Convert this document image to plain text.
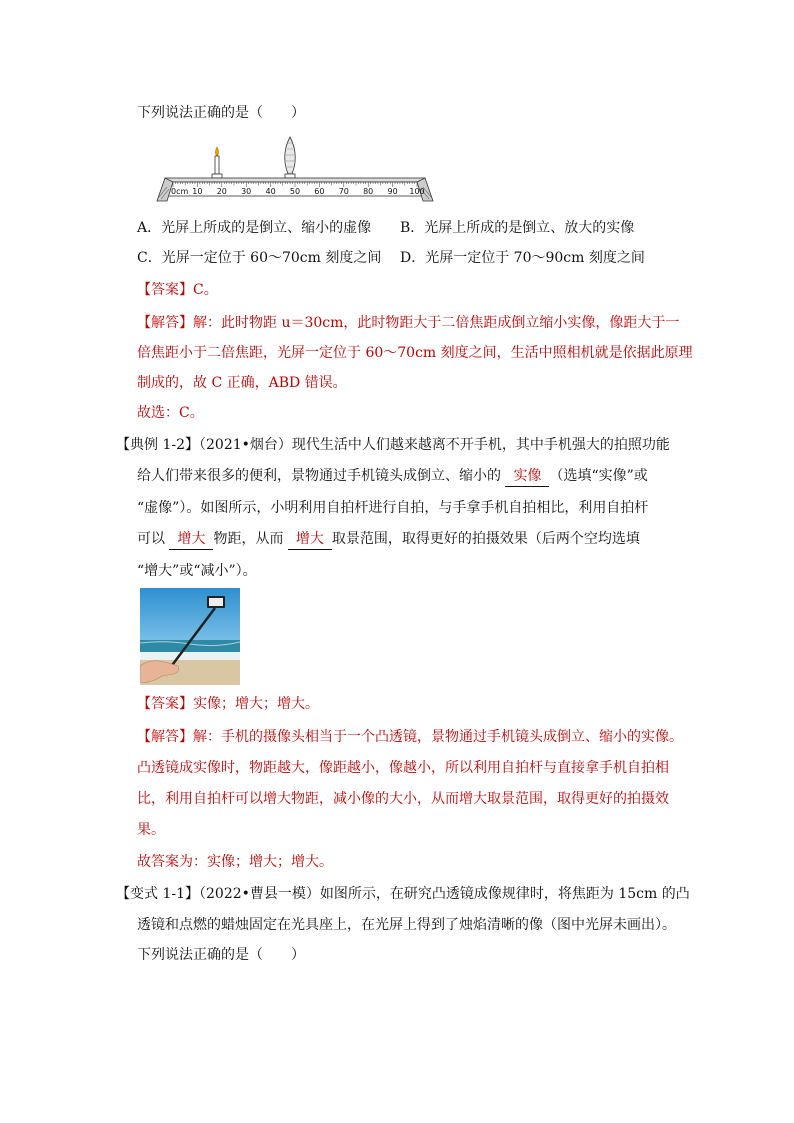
下列说法正确的是（　　）
0cm 10 20 30 40 50 60 70 80 90 100
A．光屏上所成的是倒立、缩小的虚像 B．光屏上所成的是倒立、放大的实像
C．光屏一定位于 60～70cm 刻度之间 D．光屏一定位于 70～90cm 刻度之间
【答案】C。
【解答】解：此时物距 u＝30cm，此时物距大于二倍焦距成倒立缩小实像，像距大于一
倍焦距小于二倍焦距，光屏一定位于 60～70cm 刻度之间，生活中照相机就是依据此原理
制成的，故 C 正确，ABD 错误。
故选：C。
【典例 1-2】（2021•烟台）现代生活中人们越来越离不开手机，其中手机强大的拍照功能
给人们带来很多的便利，景物通过手机镜头成倒立、缩小的 实像 （选填“实像”或
“虚像”）。如图所示，小明利用自拍杆进行自拍，与手拿手机自拍相比，利用自拍杆
可以 增大 物距，从而 增大 取景范围，取得更好的拍摄效果（后两个空均选填
“增大”或“减小”）。
【答案】实像；增大；增大。
【解答】解：手机的摄像头相当于一个凸透镜，景物通过手机镜头成倒立、缩小的实像。
凸透镜成实像时，物距越大，像距越小，像越小，所以利用自拍杆与直接拿手机自拍相
比，利用自拍杆可以增大物距，减小像的大小，从而增大取景范围，取得更好的拍摄效
果。
故答案为：实像；增大；增大。
【变式 1-1】（2022•曹县一模）如图所示，在研究凸透镜成像规律时，将焦距为 15cm 的凸
透镜和点燃的蜡烛固定在光具座上，在光屏上得到了烛焰清晰的像（图中光屏未画出）。
下列说法正确的是（　　）
